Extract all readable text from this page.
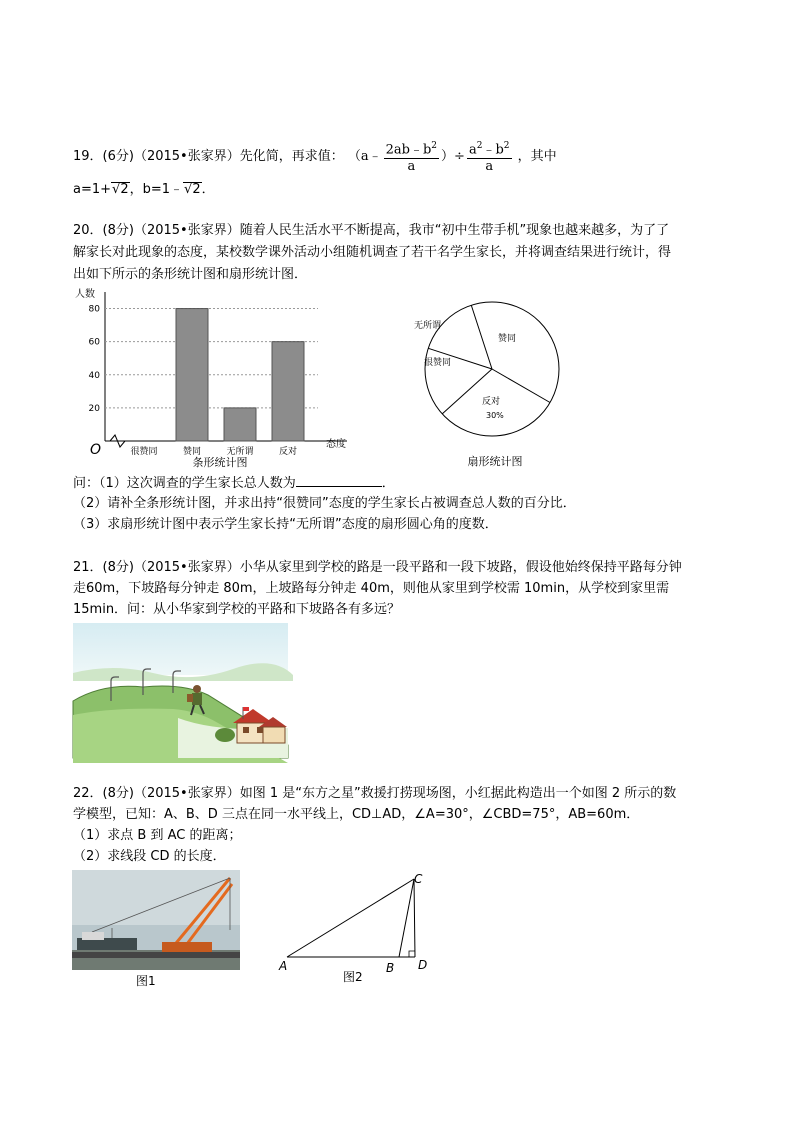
19．(6分)（2015•张家界）先化简，再求值： （a﹣ $\frac{2ab﹣b^2}{a}$ ）÷ $\frac{a^2﹣b^2}{a}$ ，其中
a=1+√2，b=1﹣√2．
20．(8分)（2015•张家界）随着人民生活水平不断提高，我市“初中生带手机”现象也越来越多，为了了
解家长对此现象的态度，某校数学课外活动小组随机调查了若干名学生家长，并将调查结果进行统计，得
出如下所示的条形统计图和扇形统计图．
人数
20
40
60
80
很赞同	赞同	无所谓	反对
O	态度
条形统计图
无所谓
赞同
反对
很赞同
30%
扇形统计图
问：（1）这次调查的学生家长总人数为	．
（2）请补全条形统计图，并求出持“很赞同”态度的学生家长占被调查总人数的百分比．
（3）求扇形统计图中表示学生家长持“无所谓”态度的扇形圆心角的度数．
21．(8分)（2015•张家界）小华从家里到学校的路是一段平路和一段下坡路，假设他始终保持平路每分钟
走60m，下坡路每分钟走 80m，上坡路每分钟走 40m，则他从家里到学校需 10min，从学校到家里需
15min．问：从小华家到学校的平路和下坡路各有多远？
22．(8分)（2015•张家界）如图 1 是“东方之星”救援打捞现场图，小红据此构造出一个如图 2 所示的数
学模型，已知：A、B、D 三点在同一水平线上，CD⊥AD，∠A=30°，∠CBD=75°，AB=60m．
（1）求点 B 到 AC 的距离；
（2）求线段 CD 的长度．
图1
A	B
C
D
图2
